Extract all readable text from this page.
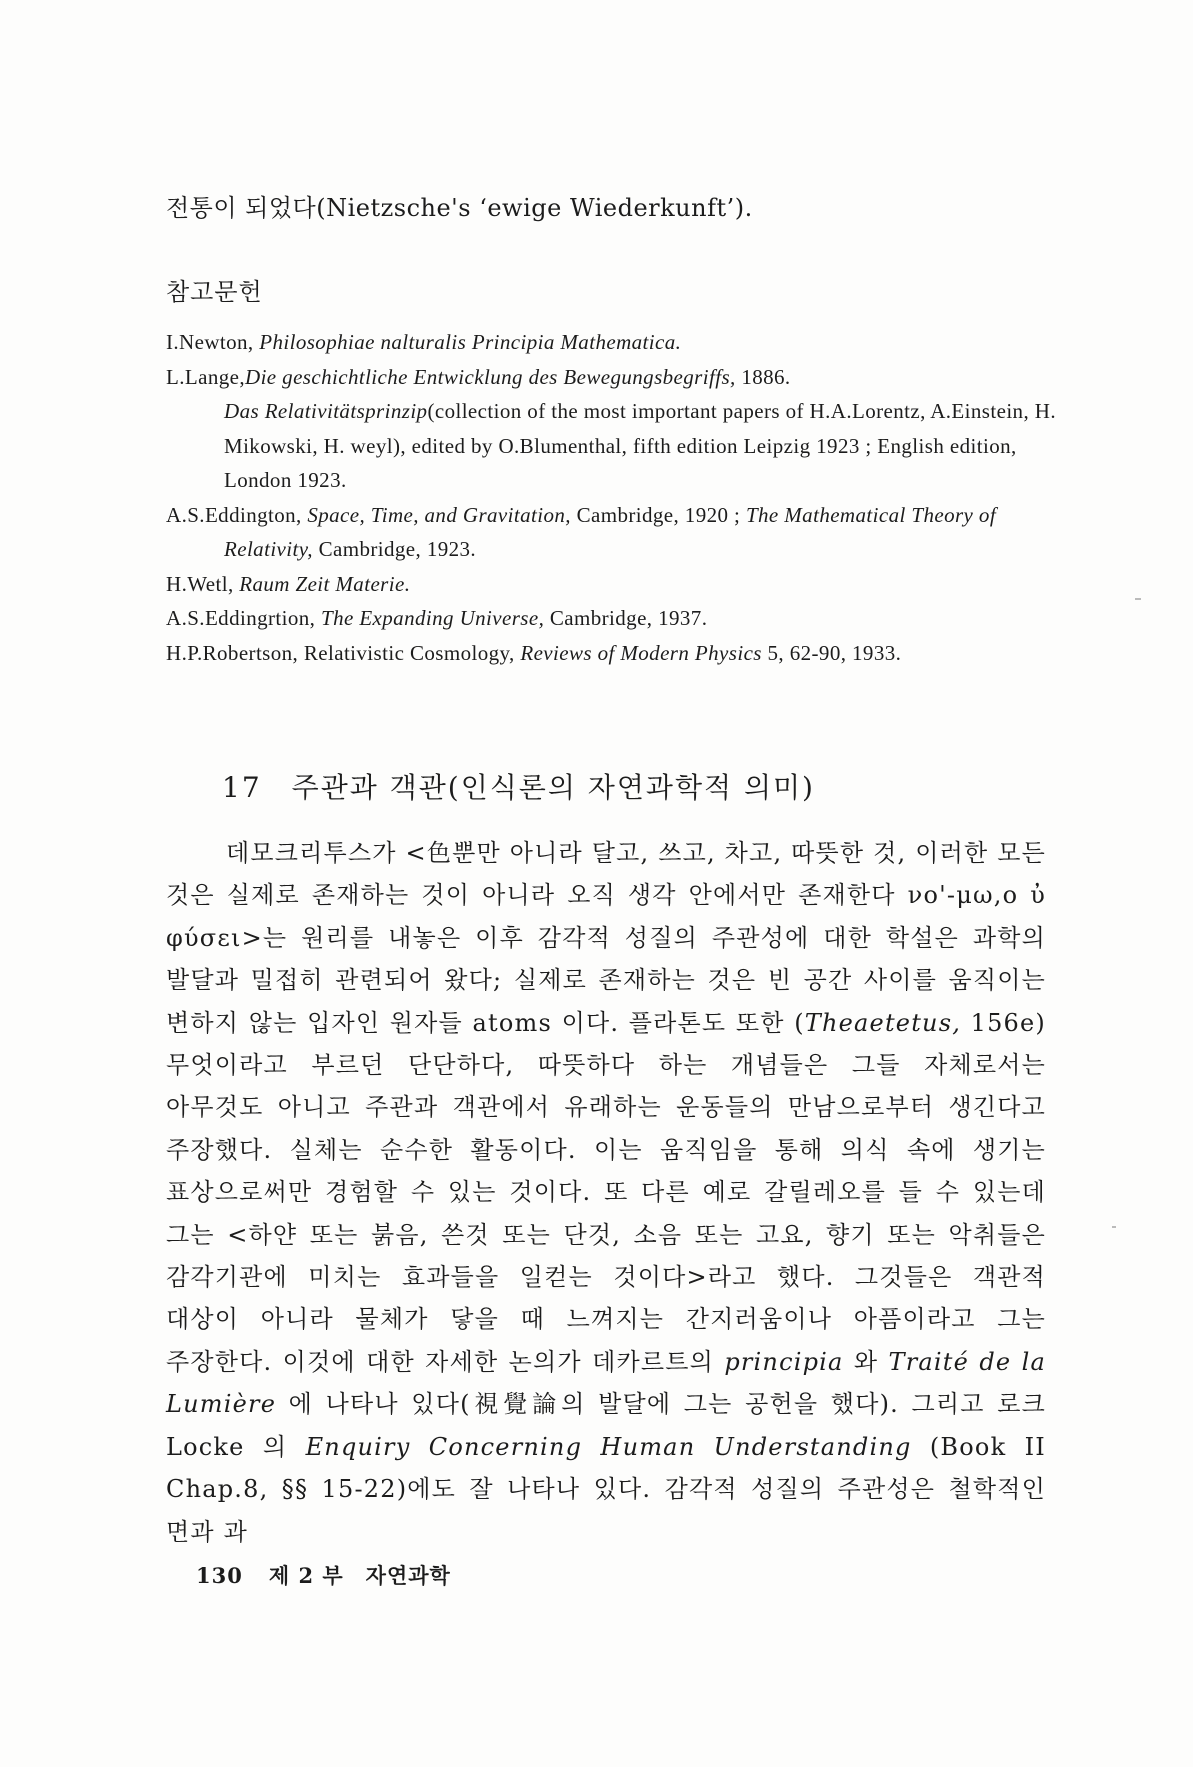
전통이 되었다(Nietzsche's ‘ewige Wiederkunft’).
참고문헌
I.Newton, Philosophiae nalturalis Principia Mathematica.
L.Lange,Die geschichtliche Entwicklung des Bewegungsbegriffs, 1886.
Das Relativitätsprinzip(collection of the most important papers of H.A.Lorentz, A.Einstein, H. Mikowski, H. weyl), edited by O.Blumenthal, fifth edition Leipzig 1923 ; English edition, London 1923.
A.S.Eddington, Space, Time, and Gravitation, Cambridge, 1920 ; The Mathematical Theory of Relativity, Cambridge, 1923.
H.Wetl, Raum Zeit Materie.
A.S.Eddingrtion, The Expanding Universe, Cambridge, 1937.
H.P.Robertson, Relativistic Cosmology, Reviews of Modern Physics 5, 62-90, 1933.
17 주관과 객관(인식론의 자연과학적 의미)
데모크리투스가 <色뿐만 아니라 달고, 쓰고, 차고, 따뜻한 것, 이러한 모든 것은 실제로 존재하는 것이 아니라 오직 생각 안에서만 존재한다 νο'-μω,ο ὐ φύσει>는 원리를 내놓은 이후 감각적 성질의 주관성에 대한 학설은 과학의 발달과 밀접히 관련되어 왔다; 실제로 존재하는 것은 빈 공간 사이를 움직이는 변하지 않는 입자인 원자들 atoms 이다. 플라톤도 또한 (Theaetetus, 156e) 무엇이라고 부르던 단단하다, 따뜻하다 하는 개념들은 그들 자체로서는 아무것도 아니고 주관과 객관에서 유래하는 운동들의 만남으로부터 생긴다고 주장했다. 실체는 순수한 활동이다. 이는 움직임을 통해 의식 속에 생기는 표상으로써만 경험할 수 있는 것이다. 또 다른 예로 갈릴레오를 들 수 있는데 그는 <하얀 또는 붉음, 쓴것 또는 단것, 소음 또는 고요, 향기 또는 악취들은 감각기관에 미치는 효과들을 일컫는 것이다>라고 했다. 그것들은 객관적 대상이 아니라 물체가 닿을 때 느껴지는 간지러움이나 아픔이라고 그는 주장한다. 이것에 대한 자세한 논의가 데카르트의 principia 와 Traité de la Lumière 에 나타나 있다(視覺論의 발달에 그는 공헌을 했다). 그리고 로크 Locke 의 Enquiry Concerning Human Understanding (Book II Chap.8, §§ 15-22)에도 잘 나타나 있다. 감각적 성질의 주관성은 철학적인 면과 과
130 제 2 부 자연과학
